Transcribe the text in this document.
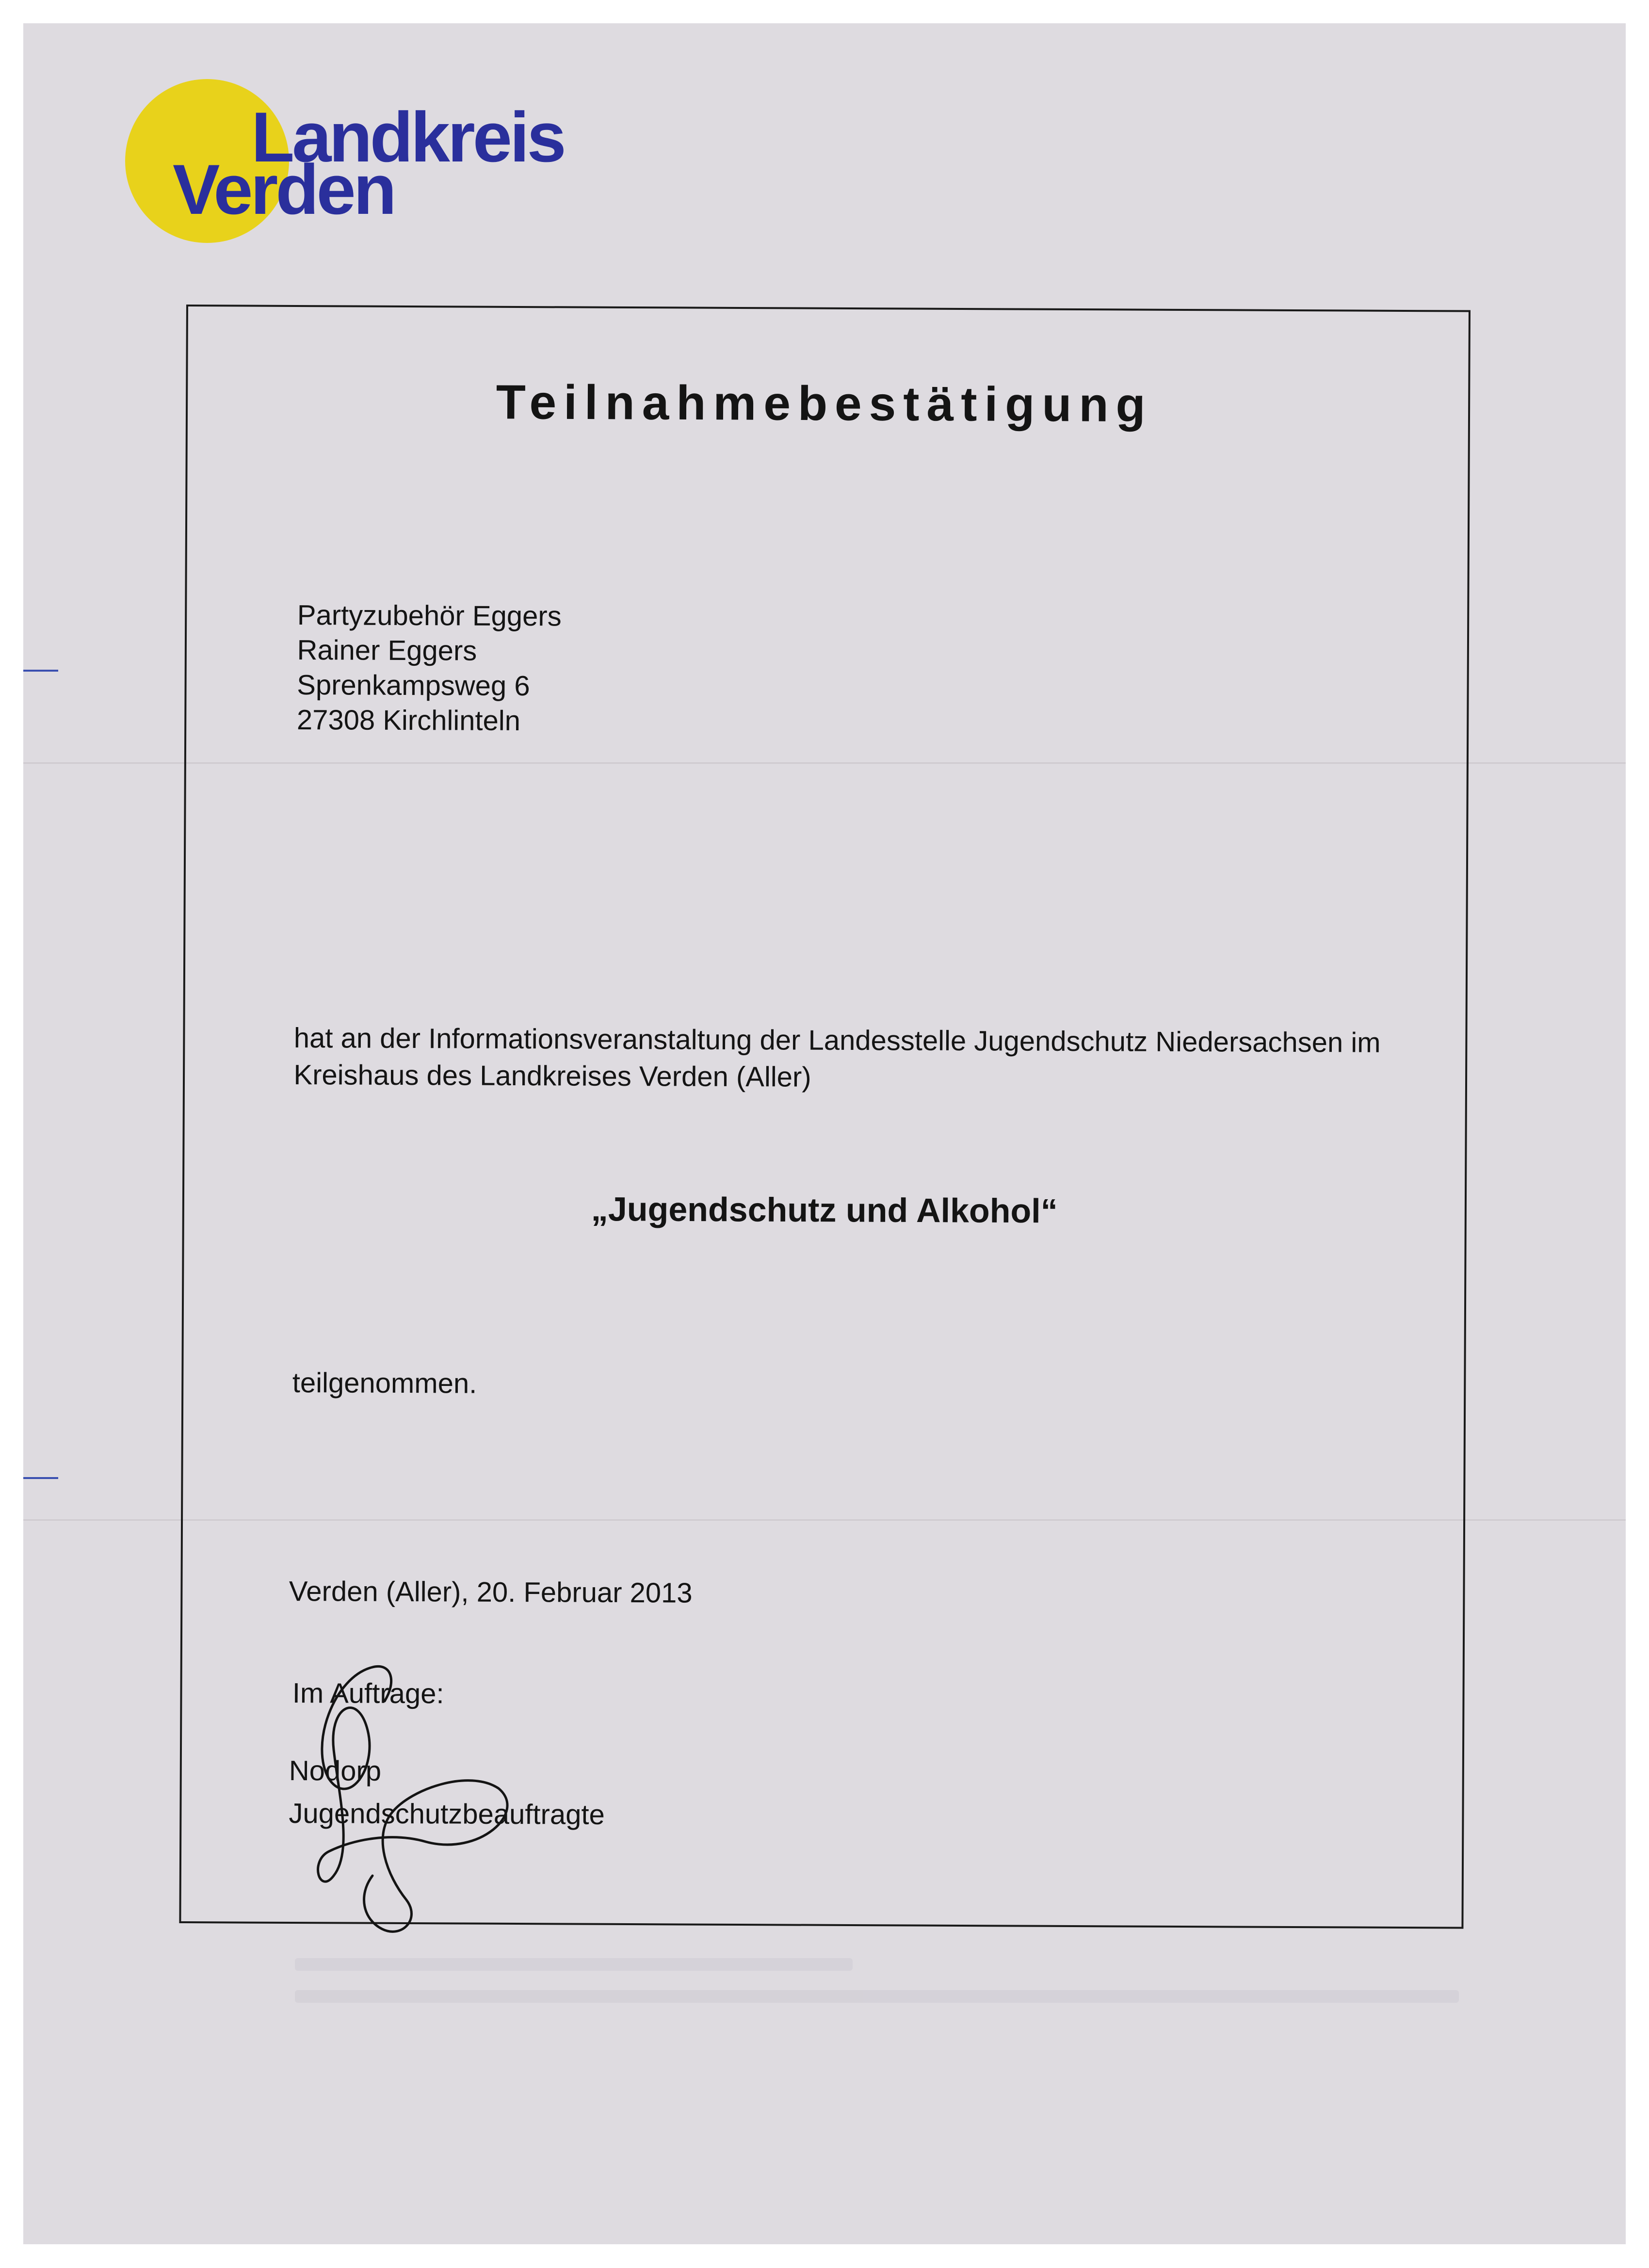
Landkreis
Verden
Teilnahmebestätigung
Partyzubehör Eggers
Rainer Eggers
Sprenkampsweg 6
27308 Kirchlinteln
hat an der Informationsveranstaltung der Landesstelle Jugendschutz Niedersachsen im
Kreishaus des Landkreises Verden (Aller)
„Jugendschutz und Alkohol“
teilgenommen.
Verden (Aller), 20. Februar 2013
Im Auftrage:
Nodorp
Jugendschutzbeauftragte
